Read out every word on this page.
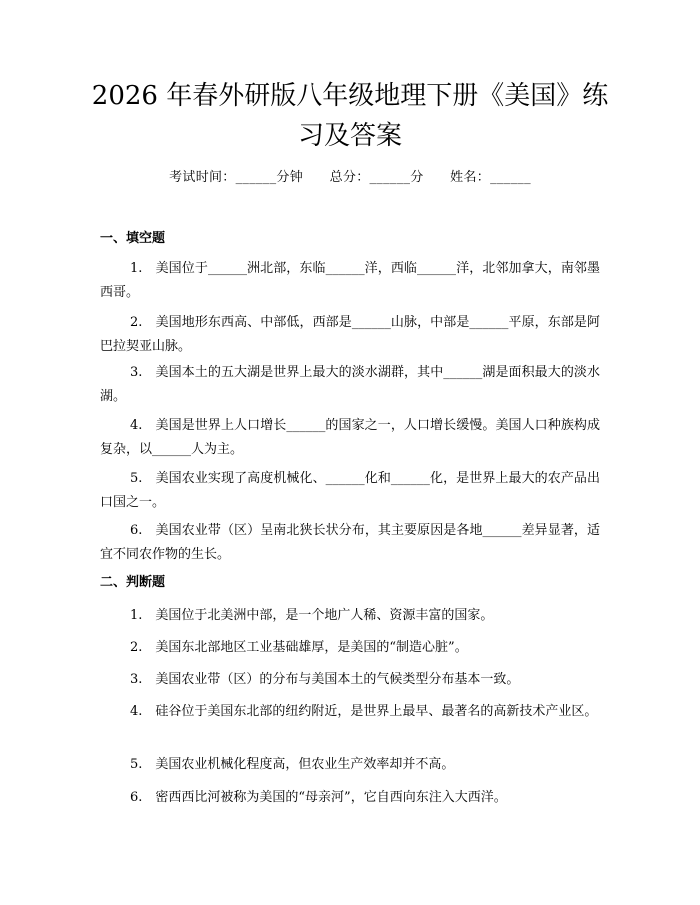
2026 年春外研版八年级地理下册《美国》练习及答案
考试时间：______分钟      总分：______分      姓名：______
一、填空题
1.　美国位于______洲北部，东临______洋，西临______洋，北邻加拿大，南邻墨西哥。
2.　美国地形东西高、中部低，西部是______山脉，中部是______平原，东部是阿巴拉契亚山脉。
3.　美国本土的五大湖是世界上最大的淡水湖群，其中______湖是面积最大的淡水湖。
4.　美国是世界上人口增长______的国家之一，人口增长缓慢。美国人口种族构成复杂，以______人为主。
5.　美国农业实现了高度机械化、______化和______化，是世界上最大的农产品出口国之一。
6.　美国农业带（区）呈南北狭长状分布，其主要原因是各地______差异显著，适宜不同农作物的生长。
二、判断题
1.　美国位于北美洲中部，是一个地广人稀、资源丰富的国家。
2.　美国东北部地区工业基础雄厚，是美国的“制造心脏”。
3.　美国农业带（区）的分布与美国本土的气候类型分布基本一致。
4.　硅谷位于美国东北部的纽约附近，是世界上最早、最著名的高新技术产业区。
5.　美国农业机械化程度高，但农业生产效率却并不高。
6.　密西西比河被称为美国的“母亲河”，它自西向东注入大西洋。
